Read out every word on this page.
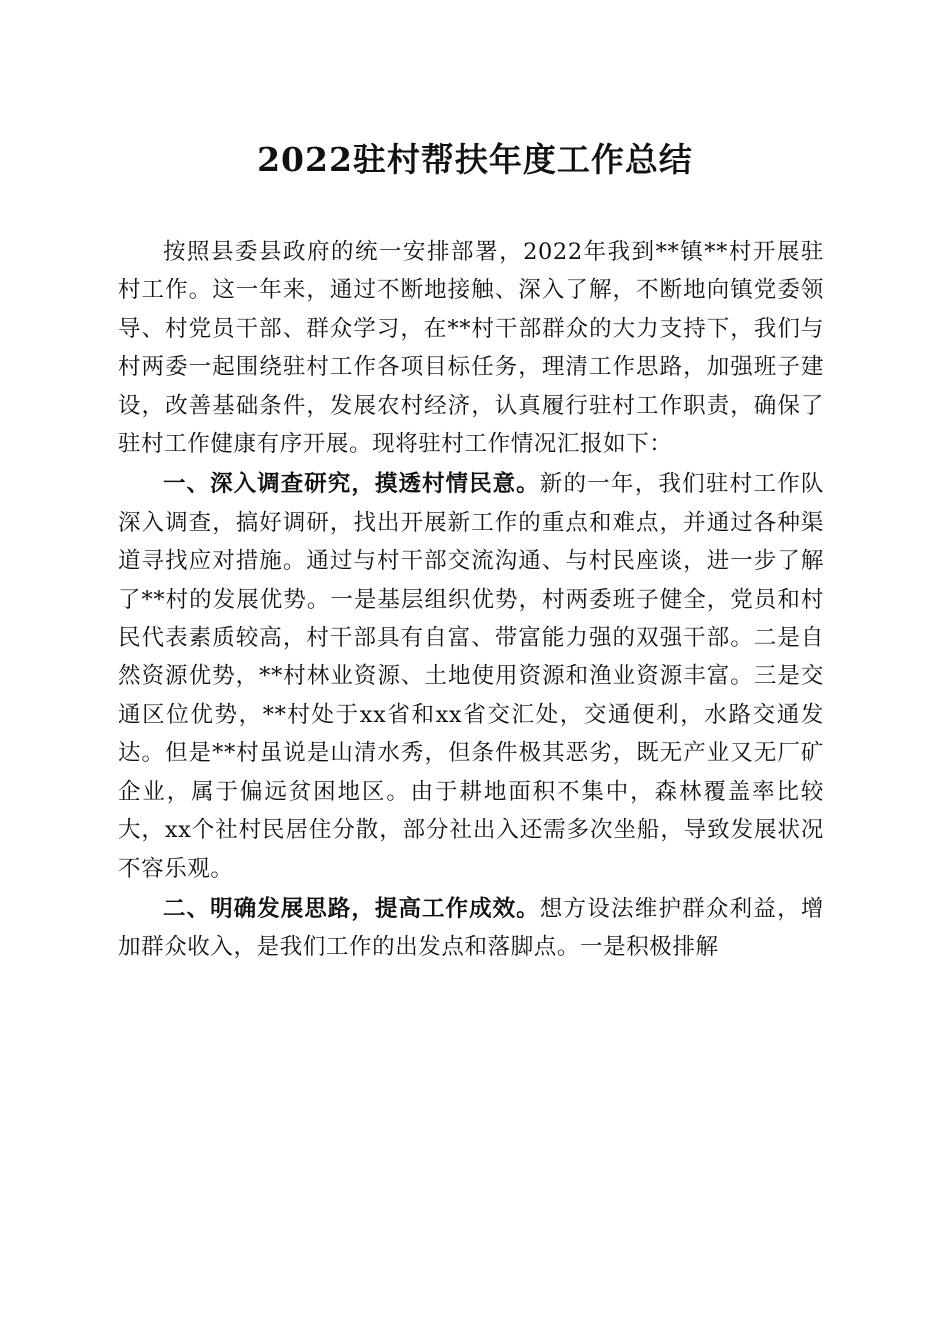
2022驻村帮扶年度工作总结

按照县委县政府的统一安排部署，2022年我到**镇**村开展驻村工作。这一年来，通过不断地接触、深入了解，不断地向镇党委领导、村党员干部、群众学习，在**村干部群众的大力支持下，我们与村两委一起围绕驻村工作各项目标任务，理清工作思路，加强班子建设，改善基础条件，发展农村经济，认真履行驻村工作职责，确保了驻村工作健康有序开展。现将驻村工作情况汇报如下：

一、深入调查研究，摸透村情民意。新的一年，我们驻村工作队深入调查，搞好调研，找出开展新工作的重点和难点，并通过各种渠道寻找应对措施。通过与村干部交流沟通、与村民座谈，进一步了解了**村的发展优势。一是基层组织优势，村两委班子健全，党员和村民代表素质较高，村干部具有自富、带富能力强的双强干部。二是自然资源优势，**村林业资源、土地使用资源和渔业资源丰富。三是交通区位优势，**村处于xx省和xx省交汇处，交通便利，水路交通发达。但是**村虽说是山清水秀，但条件极其恶劣，既无产业又无厂矿企业，属于偏远贫困地区。由于耕地面积不集中，森林覆盖率比较大，xx个社村民居住分散，部分社出入还需多次坐船，导致发展状况不容乐观。

二、明确发展思路，提高工作成效。想方设法维护群众利益，增加群众收入，是我们工作的出发点和落脚点。一是积极排解
